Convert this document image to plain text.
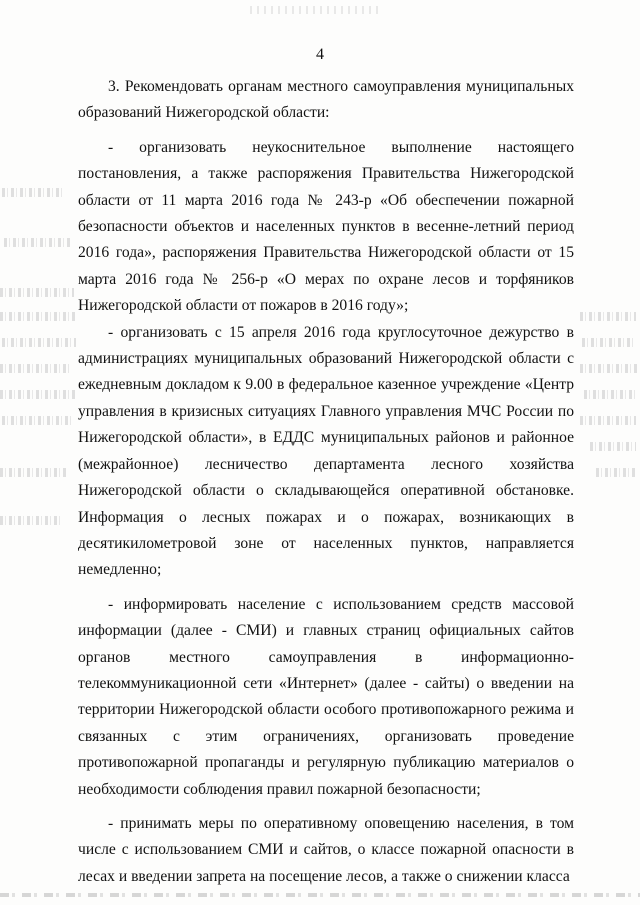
4

3. Рекомендовать органам местного самоуправления муниципальных образований Нижегородской области:

- организовать неукоснительное выполнение настоящего постановления, а также распоряжения Правительства Нижегородской области от 11 марта 2016 года № 243-р «Об обеспечении пожарной безопасности объектов и населенных пунктов в весенне-летний период 2016 года», распоряжения Правительства Нижегородской области от 15 марта 2016 года № 256-р «О мерах по охране лесов и торфяников Нижегородской области от пожаров в 2016 году»;

- организовать с 15 апреля 2016 года круглосуточное дежурство в администрациях муниципальных образований Нижегородской области с ежедневным докладом к 9.00 в федеральное казенное учреждение «Центр управления в кризисных ситуациях Главного управления МЧС России по Нижегородской области», в ЕДДС муниципальных районов и районное (межрайонное) лесничество департамента лесного хозяйства Нижегородской области о складывающейся оперативной обстановке. Информация о лесных пожарах и о пожарах, возникающих в десятикилометровой зоне от населенных пунктов, направляется немедленно;

- информировать население с использованием средств массовой информации (далее - СМИ) и главных страниц официальных сайтов органов местного самоуправления в информационно-телекоммуникационной сети «Интернет» (далее - сайты) о введении на территории Нижегородской области особого противопожарного режима и связанных с этим ограничениях, организовать проведение противопожарной пропаганды и регулярную публикацию материалов о необходимости соблюдения правил пожарной безопасности;

- принимать меры по оперативному оповещению населения, в том числе с использованием СМИ и сайтов, о классе пожарной опасности в лесах и введении запрета на посещение лесов, а также о снижении класса
